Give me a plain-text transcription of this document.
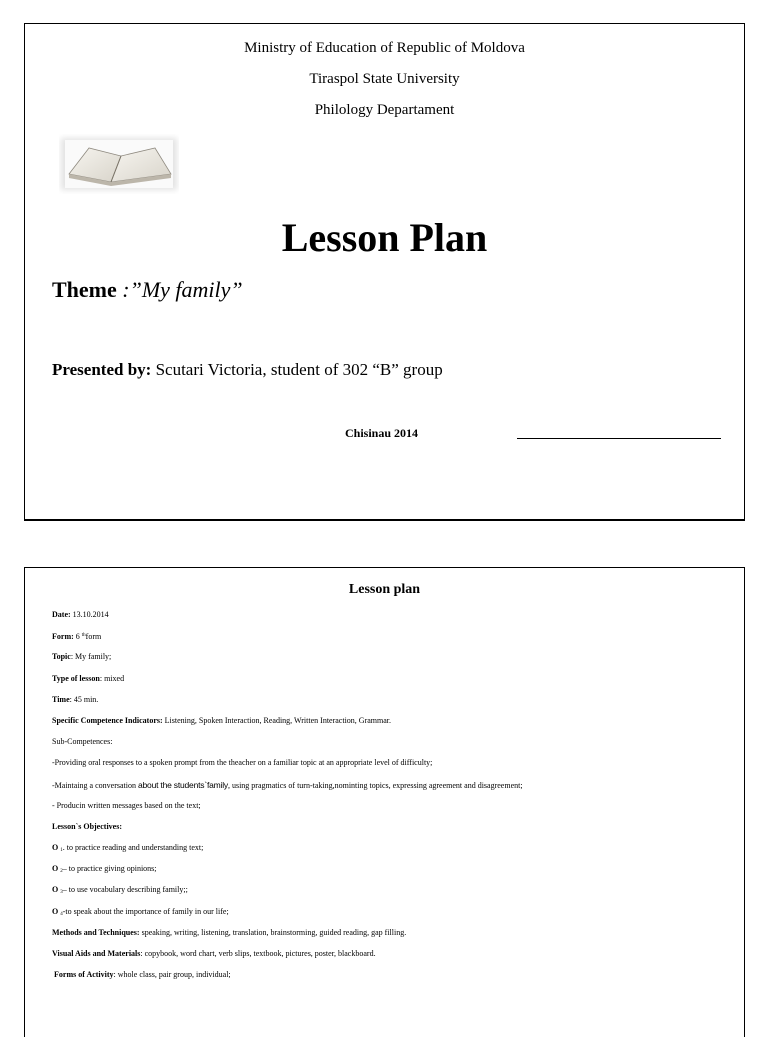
Ministry of Education of Republic of Moldova
Tiraspol State University
Philology Departament
Lesson Plan
Theme :”My family”
Presented by: Scutari Victoria, student of 302 “B” group
Chisinau 2014
Lesson plan
Date: 13.10.2014
Form: 6 $^{th}$form
Topic: My family;
Type of lesson: mixed
Time: 45 min.
Specific Competence Indicators: Listening, Spoken Interaction, Reading, Written Interaction, Grammar.
Sub-Competences:
-Providing oral responses to a spoken prompt from the theacher on a familiar topic at an appropriate level of difficulty;
-Maintaing a conversation about the students`family, using pragmatics of turn-taking,nominting topics, expressing agreement and disagreement;
- Producin written messages based on the text;
Lesson`s Objectives:
O $_1$. to practice reading and understanding text;
O $_2$– to practice giving opinions;
O $_3$– to use vocabulary describing family;;
O $_4$-to speak about the importance of family in our life;
Methods and Techniques: speaking, writing, listening, translation, brainstorming, guided reading, gap filling.
Visual Aids and Materials: copybook, word chart, verb slips, textbook, pictures, poster, blackboard.
Forms of Activity: whole class, pair group, individual;
